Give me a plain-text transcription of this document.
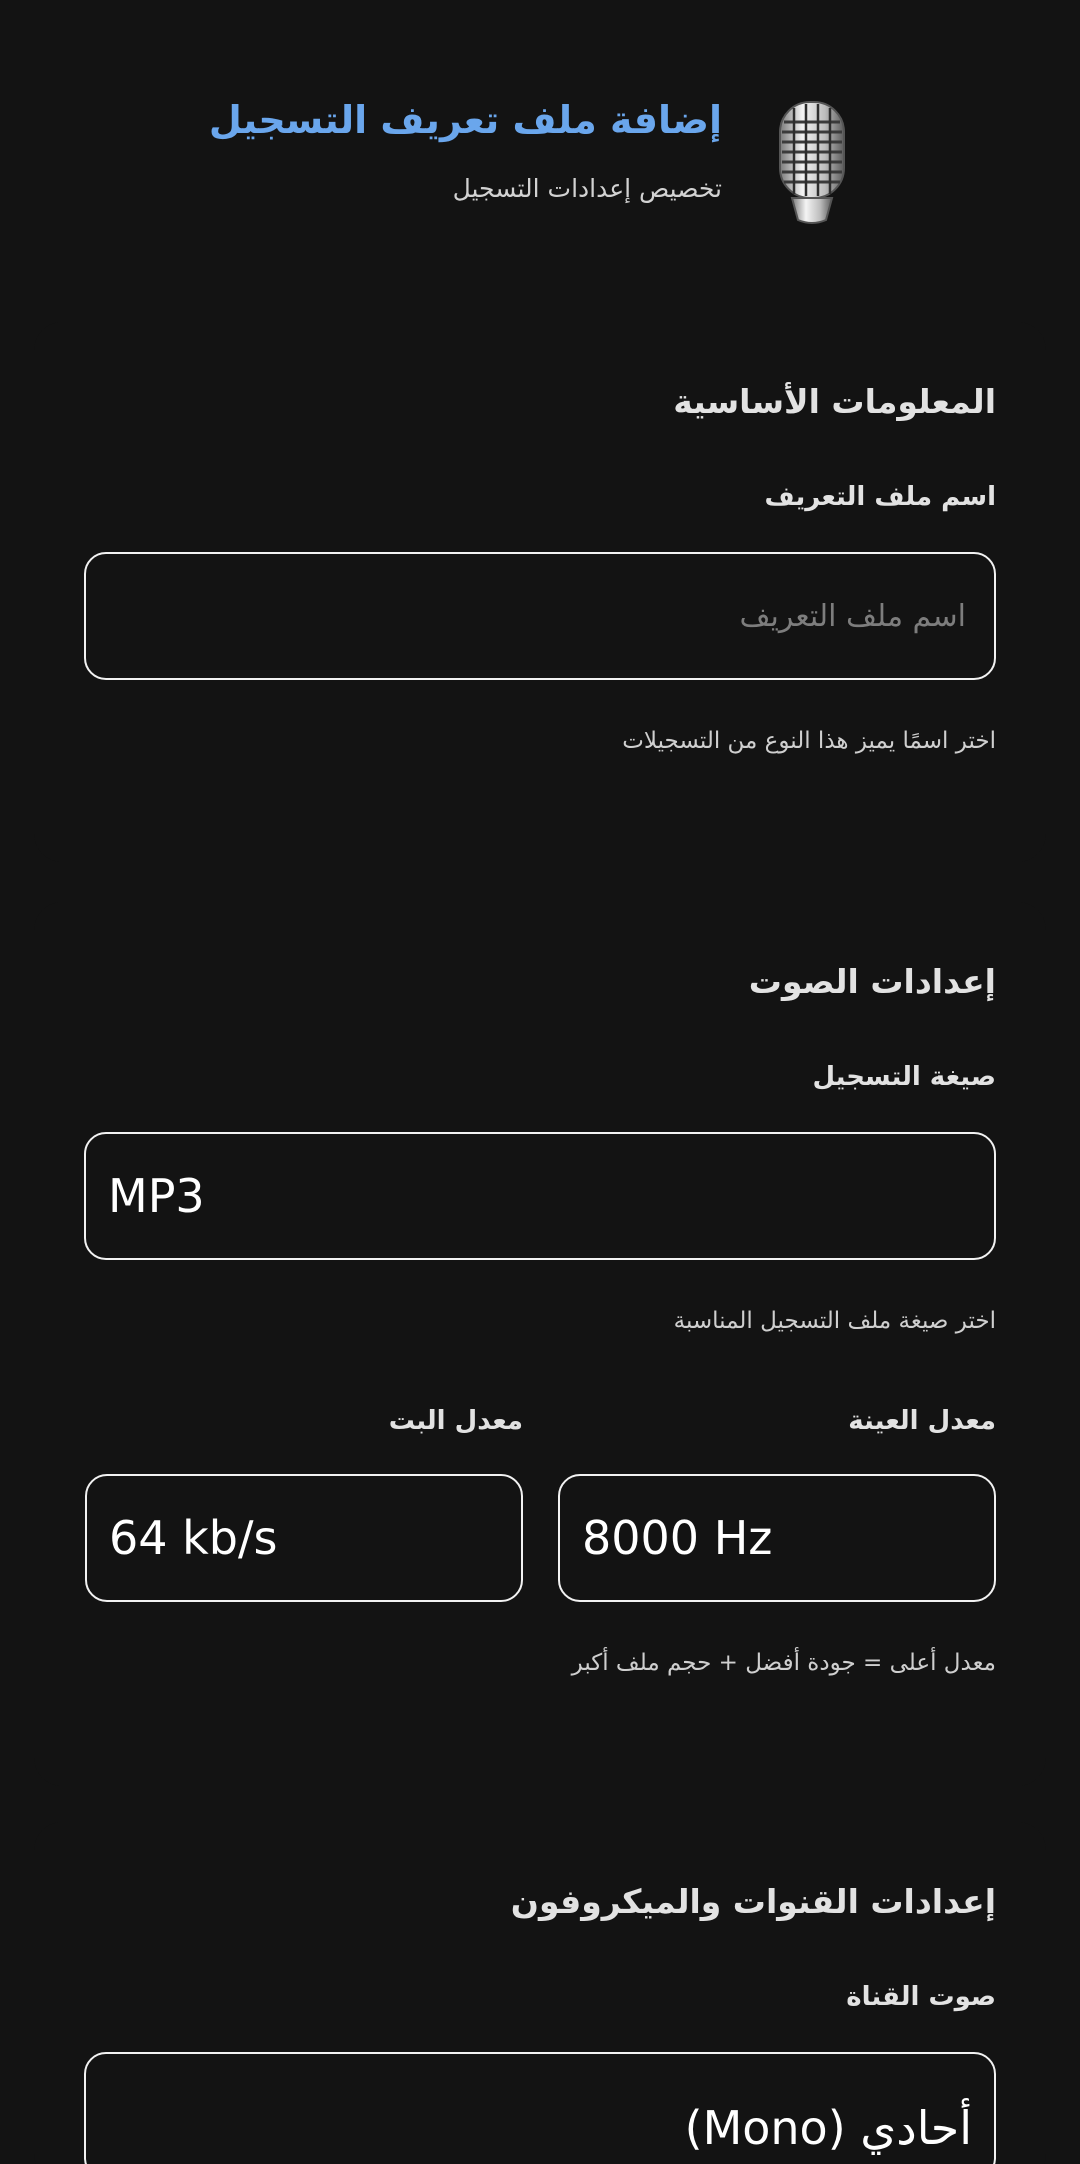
إضافة ملف تعريف التسجيل
تخصيص إعدادات التسجيل
المعلومات الأساسية
اسم ملف التعريف
اسم ملف التعريف
اختر اسمًا يميز هذا النوع من التسجيلات
إعدادات الصوت
صيغة التسجيل
MP3
اختر صيغة ملف التسجيل المناسبة
معدل العينة
معدل البت
8000 Hz
64 kb/s
معدل أعلى = جودة أفضل + حجم ملف أكبر
إعدادات القنوات والميكروفون
صوت القناة
أحادي (Mono)
